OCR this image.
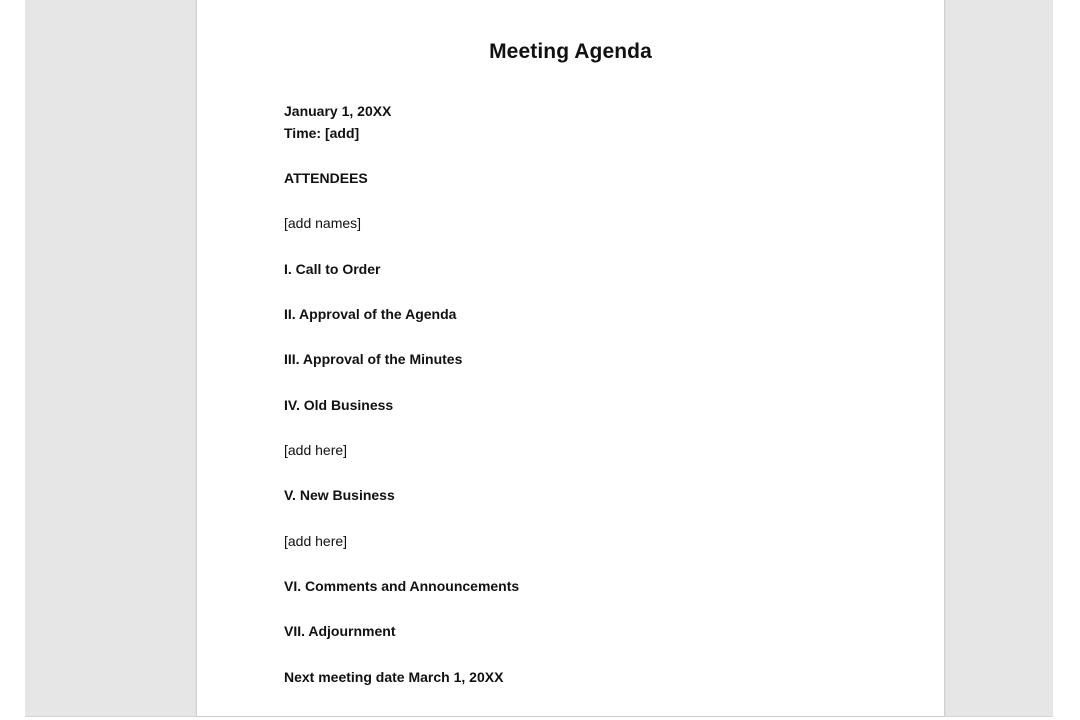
Meeting Agenda
January 1, 20XX
Time: [add]
ATTENDEES
[add names]
I. Call to Order
II. Approval of the Agenda
III. Approval of the Minutes
IV. Old Business
[add here]
V. New Business
[add here]
VI. Comments and Announcements
VII. Adjournment
Next meeting date March 1, 20XX
